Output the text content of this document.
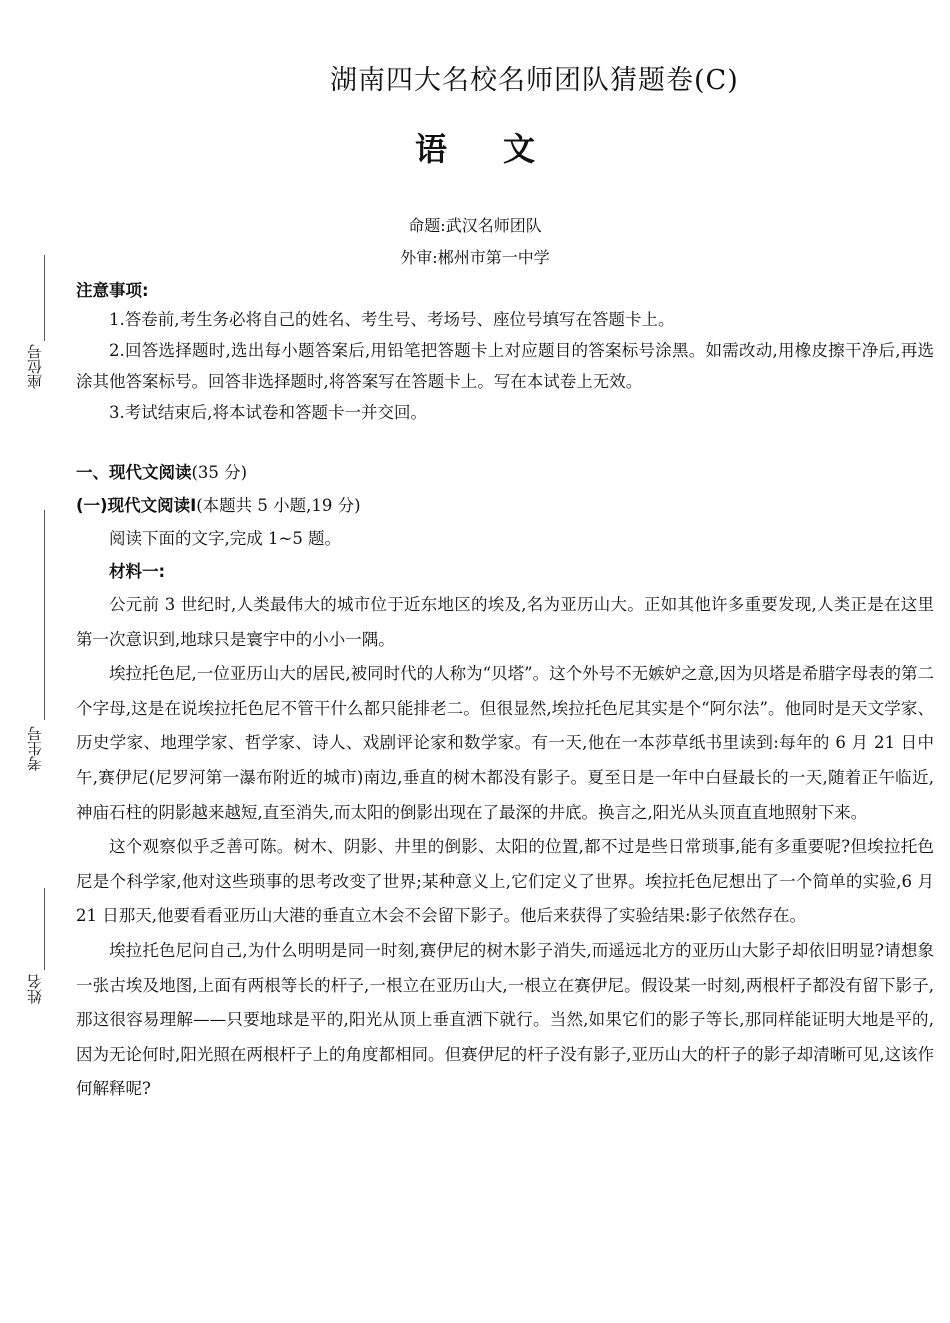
湖南四大名校名师团队猜题卷(C)
语文
命题:武汉名师团队
外审:郴州市第一中学
座位号
考生号
姓名
注意事项:

1.答卷前,考生务必将自己的姓名、考生号、考场号、座位号填写在答题卡上。

2.回答选择题时,选出每小题答案后,用铅笔把答题卡上对应题目的答案标号涂黑。如需改动,用橡皮擦干净后,再选涂其他答案标号。回答非选择题时,将答案写在答题卡上。写在本试卷上无效。

3.考试结束后,将本试卷和答题卡一并交回。

一、现代文阅读(35 分)

(一)现代文阅读Ⅰ(本题共 5 小题,19 分)

阅读下面的文字,完成 1~5 题。

材料一:

公元前 3 世纪时,人类最伟大的城市位于近东地区的埃及,名为亚历山大。正如其他许多重要发现,人类正是在这里第一次意识到,地球只是寰宇中的小小一隅。

埃拉托色尼,一位亚历山大的居民,被同时代的人称为“贝塔”。这个外号不无嫉妒之意,因为贝塔是希腊字母表的第二个字母,这是在说埃拉托色尼不管干什么都只能排老二。但很显然,埃拉托色尼其实是个“阿尔法”。他同时是天文学家、历史学家、地理学家、哲学家、诗人、戏剧评论家和数学家。有一天,他在一本莎草纸书里读到:每年的 6 月 21 日中午,赛伊尼(尼罗河第一瀑布附近的城市)南边,垂直的树木都没有影子。夏至日是一年中白昼最长的一天,随着正午临近,神庙石柱的阴影越来越短,直至消失,而太阳的倒影出现在了最深的井底。换言之,阳光从头顶直直地照射下来。

这个观察似乎乏善可陈。树木、阴影、井里的倒影、太阳的位置,都不过是些日常琐事,能有多重要呢?但埃拉托色尼是个科学家,他对这些琐事的思考改变了世界;某种意义上,它们定义了世界。埃拉托色尼想出了一个简单的实验,6 月 21 日那天,他要看看亚历山大港的垂直立木会不会留下影子。他后来获得了实验结果:影子依然存在。

埃拉托色尼问自己,为什么明明是同一时刻,赛伊尼的树木影子消失,而遥远北方的亚历山大影子却依旧明显?请想象一张古埃及地图,上面有两根等长的杆子,一根立在亚历山大,一根立在赛伊尼。假设某一时刻,两根杆子都没有留下影子,那这很容易理解——只要地球是平的,阳光从顶上垂直洒下就行。当然,如果它们的影子等长,那同样能证明大地是平的,因为无论何时,阳光照在两根杆子上的角度都相同。但赛伊尼的杆子没有影子,亚历山大的杆子的影子却清晰可见,这该作何解释呢?
